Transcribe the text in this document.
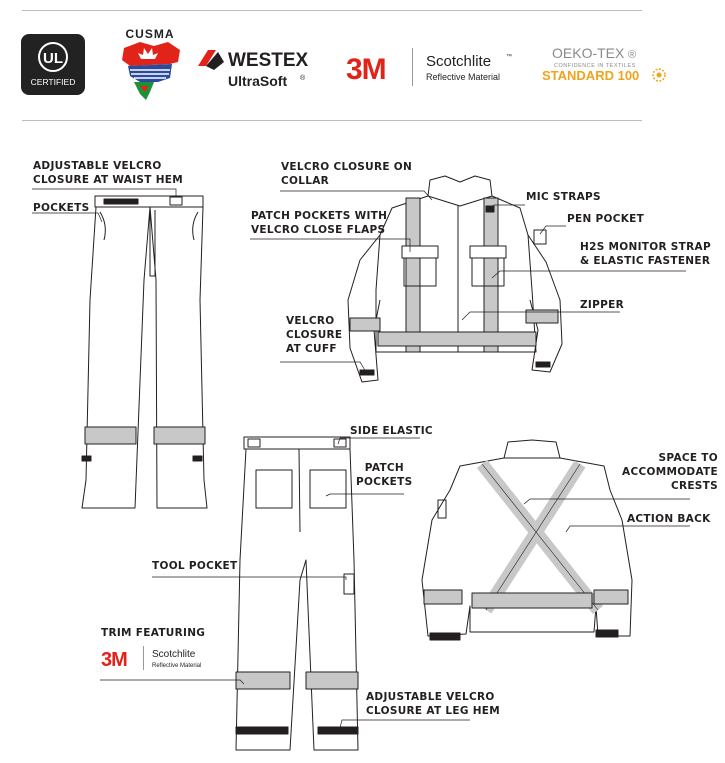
UL
CERTIFIED
CUSMA
WESTEX
UltraSoft ® 3M	Scotchlite ™
Reflective Material
OEKO-TEX ®
CONFIDENCE IN TEXTILES
STANDARD 100
ADJUSTABLE VELCRO
CLOSURE AT WAIST HEM
POCKETS
VELCRO CLOSURE ON
COLLAR
PATCH POCKETS WITH
VELCRO CLOSE FLAPS
MIC STRAPS
PEN POCKET
H2S MONITOR STRAP
& ELASTIC FASTENER
ZIPPER
VELCRO
CLOSURE
AT CUFF
SIDE ELASTIC
PATCH
POCKETS
SPACE TO
ACCOMMODATE
CRESTS
ACTION BACK
TOOL POCKET
TRIM FEATURING
3M	Scotchlite
Reflective Material
ADJUSTABLE VELCRO
CLOSURE AT LEG HEM
